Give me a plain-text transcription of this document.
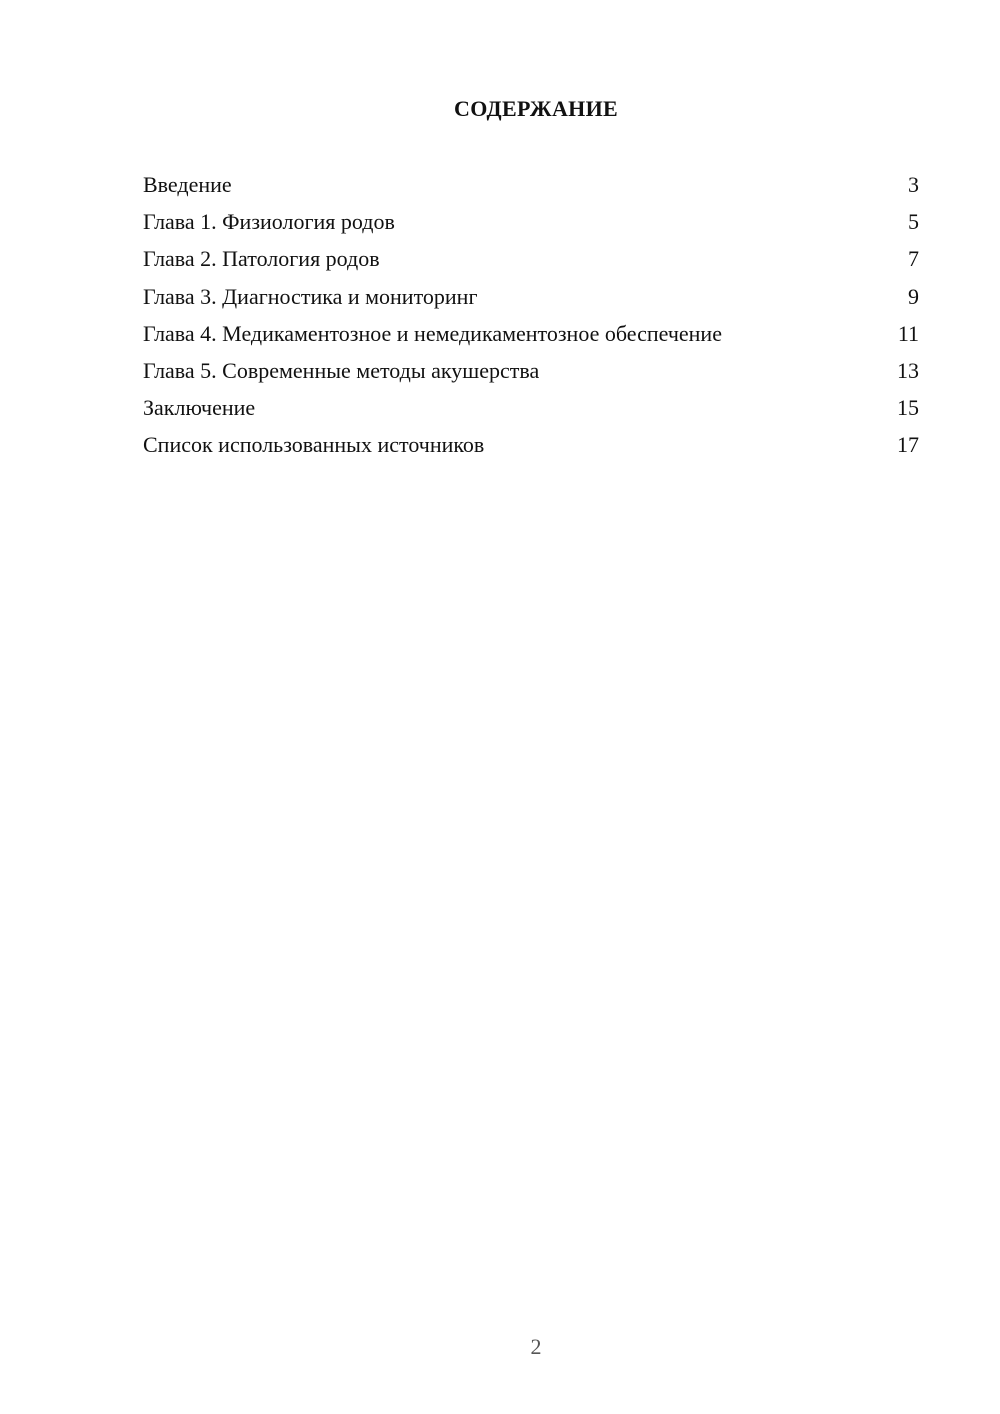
СОДЕРЖАНИЕ
Введение	3
Глава 1. Физиология родов	5
Глава 2. Патология родов	7
Глава 3. Диагностика и мониторинг	9
Глава 4. Медикаментозное и немедикаментозное обеспечение	11
Глава 5. Современные методы акушерства	13
Заключение	15
Список использованных источников	17
2
